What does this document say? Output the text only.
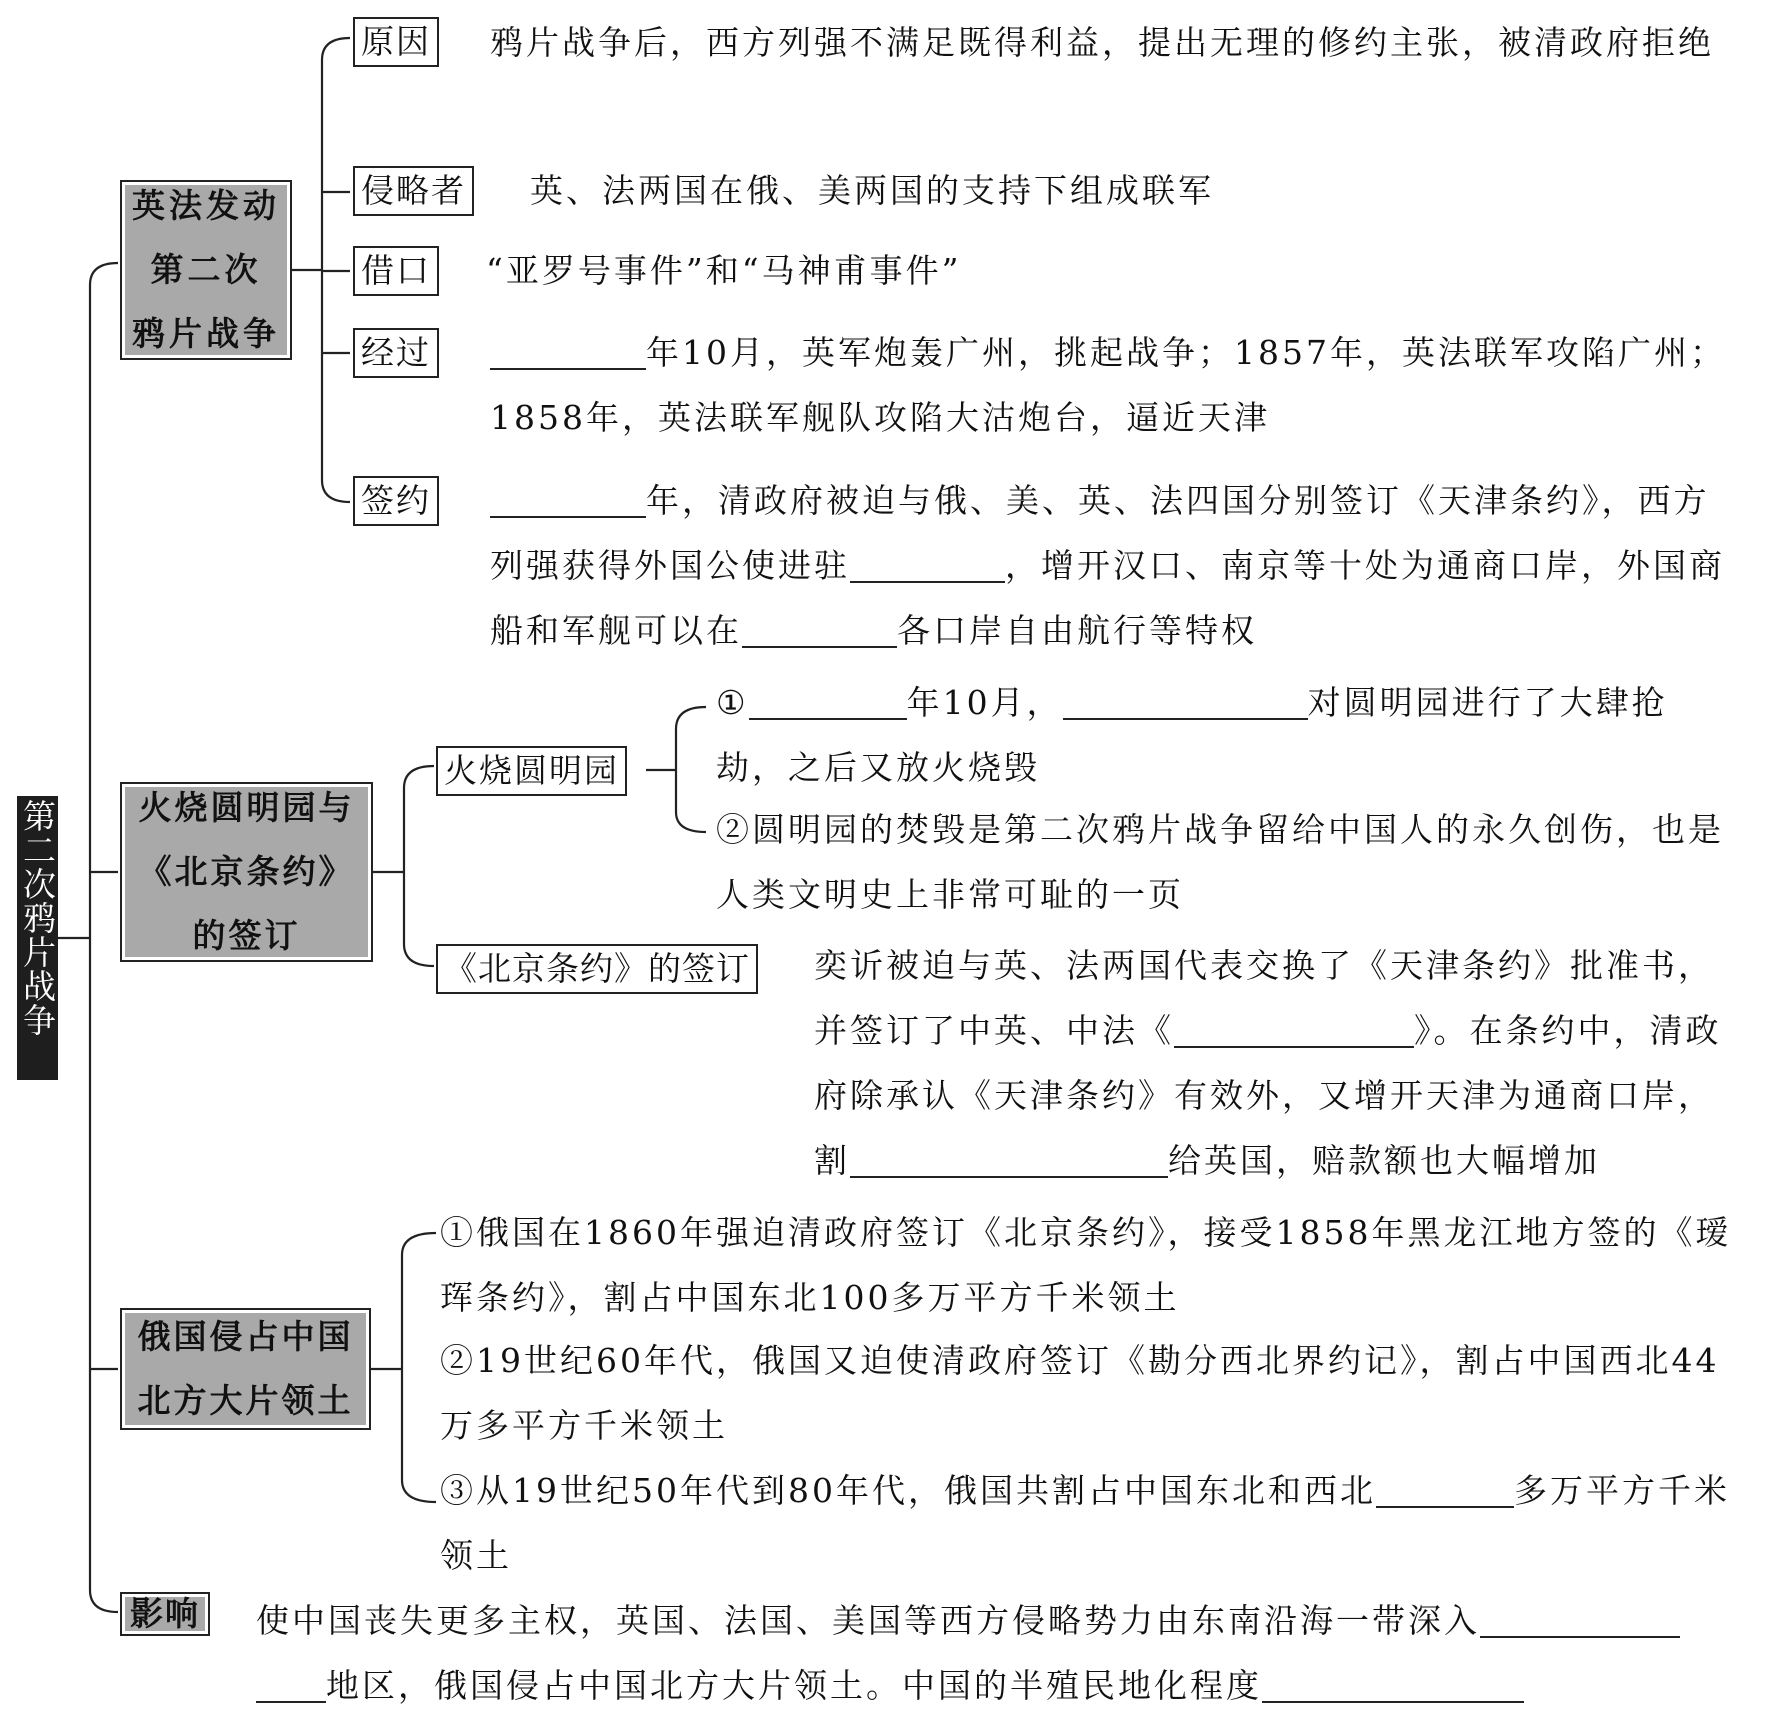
第二次鸦片战争
英法发动
第二次
鸦片战争
原因 鸦片战争后，西方列强不满足既得利益，提出无理的修约主张，被清政府拒绝

侵略者 英、法两国在俄、美两国的支持下组成联军

借口 “亚罗号事件”和“马神甫事件”

经过	年10月，英军炮轰广州，挑起战争；1857年，英法联军攻陷广州；1858年，英法联军舰队攻陷大沽炮台，逼近天津

签约	年，清政府被迫与俄、美、英、法四国分别签订《天津条约》，西方列强获得外国公使进驻	，增开汉口、南京等十处为通商口岸，外国商船和军舰可以在	各口岸自由航行等特权

火烧圆明园与
《北京条约》
的签订
火烧圆明园

①	年10月，	对圆明园进行了大肆抢劫，之后又放火烧毁

②圆明园的焚毁是第二次鸦片战争留给中国人的永久创伤，也是人类文明史上非常可耻的一页

《北京条约》的签订 奕䜣被迫与英、法两国代表交换了《天津条约》批准书，并签订了中英、中法《	》。在条约中，清政府除承认《天津条约》有效外，又增开天津为通商口岸，割	给英国，赔款额也大幅增加

俄国侵占中国
北方大片领土

①俄国在1860年强迫清政府签订《北京条约》，接受1858年黑龙江地方签的《瑷珲条约》，割占中国东北100多万平方千米领土

②19世纪60年代，俄国又迫使清政府签订《勘分西北界约记》，割占中国西北44万多平方千米领土

③从19世纪50年代到80年代，俄国共割占中国东北和西北	多万平方千米领土

影响 使中国丧失更多主权，英国、法国、美国等西方侵略势力由东南沿海一带深入

地区，俄国侵占中国北方大片领土。中国的半殖民地化程度
